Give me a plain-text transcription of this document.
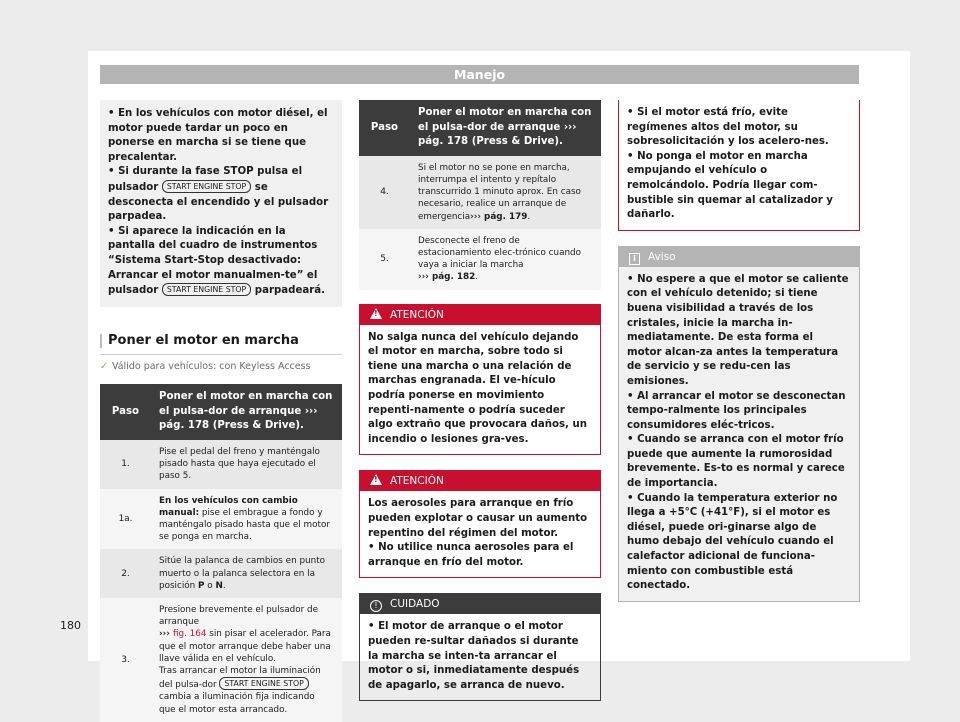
Manejo

• En los vehículos con motor diésel, el motor puede tardar un poco en ponerse en marcha si se tiene que precalentar.

• Si durante la fase STOP pulsa el pulsador START ENGINE STOP se desconecta el encendido y el pulsador parpadea.

• Si aparece la indicación en la pantalla del cuadro de instrumentos “Sistema Start-Stop desactivado: Arrancar el motor manualmen-te” el pulsador START ENGINE STOP parpadeará.

Poner el motor en marcha
✓ Válido para vehículos: con Keyless Access
Paso	Poner el motor en marcha con el pulsa-dor de arranque ››› pág. 178 (Press & Drive).
1.	Pise el pedal del freno y manténgalo pisado hasta que haya ejecutado el paso 5.
1a.	En los vehículos con cambio manual: pise el embrague a fondo y manténgalo pisado hasta que el motor se ponga en marcha.
2.	Sitúe la palanca de cambios en punto muerto o la palanca selectora en la posición P o N.
3.	Presione brevemente el pulsador de arranque
››› fig. 164 sin pisar el acelerador. Para que el motor arranque debe haber una llave válida en el vehículo.
Tras arrancar el motor la iluminación del pulsa-dor START ENGINE STOP cambia a iluminación fija indicando que el motor esta arrancado.
Paso	Poner el motor en marcha con el pulsa-dor de arranque ››› pág. 178 (Press & Drive).
4.	Si el motor no se pone en marcha, interrumpa el intento y repítalo transcurrido 1 minuto aprox. En caso necesario, realice un arranque de emergencia››› pág. 179.
5.	Desconecte el freno de estacionamiento elec-trónico cuando vaya a iniciar la marcha
››› pág. 182.
!ATENCIÓN
No salga nunca del vehículo dejando el motor en marcha, sobre todo si tiene una marcha o una relación de marchas engranada. El ve-hículo podría ponerse en movimiento repenti-namente o podría suceder algo extraño que provocara daños, un incendio o lesiones gra-ves.
!ATENCIÓN

Los aerosoles para arranque en frío pueden explotar o causar un aumento repentino del régimen del motor.

• No utilice nunca aerosoles para el arranque en frío del motor.

! CUIDADO
• El motor de arranque o el motor pueden re-sultar dañados si durante la marcha se inten-ta arrancar el motor o si, inmediatamente después de apagarlo, se arranca de nuevo.

• Si el motor está frío, evite regímenes altos del motor, su sobresolicitación y los acelero-nes.

• No ponga el motor en marcha empujando el vehículo o remolcándolo. Podría llegar com-bustible sin quemar al catalizador y dañarlo.

i Aviso

• No espere a que el motor se caliente con el vehículo detenido; si tiene buena visibilidad a través de los cristales, inicie la marcha in-mediatamente. De esta forma el motor alcan-za antes la temperatura de servicio y se redu-cen las emisiones.

• Al arrancar el motor se desconectan tempo-ralmente los principales consumidores eléc-tricos.

• Cuando se arranca con el motor frío puede que aumente la rumorosidad brevemente. Es-to es normal y carece de importancia.

• Cuando la temperatura exterior no llega a +5°C (+41°F), si el motor es diésel, puede ori-ginarse algo de humo debajo del vehículo cuando el calefactor adicional de funciona-miento con combustible está conectado.

180
